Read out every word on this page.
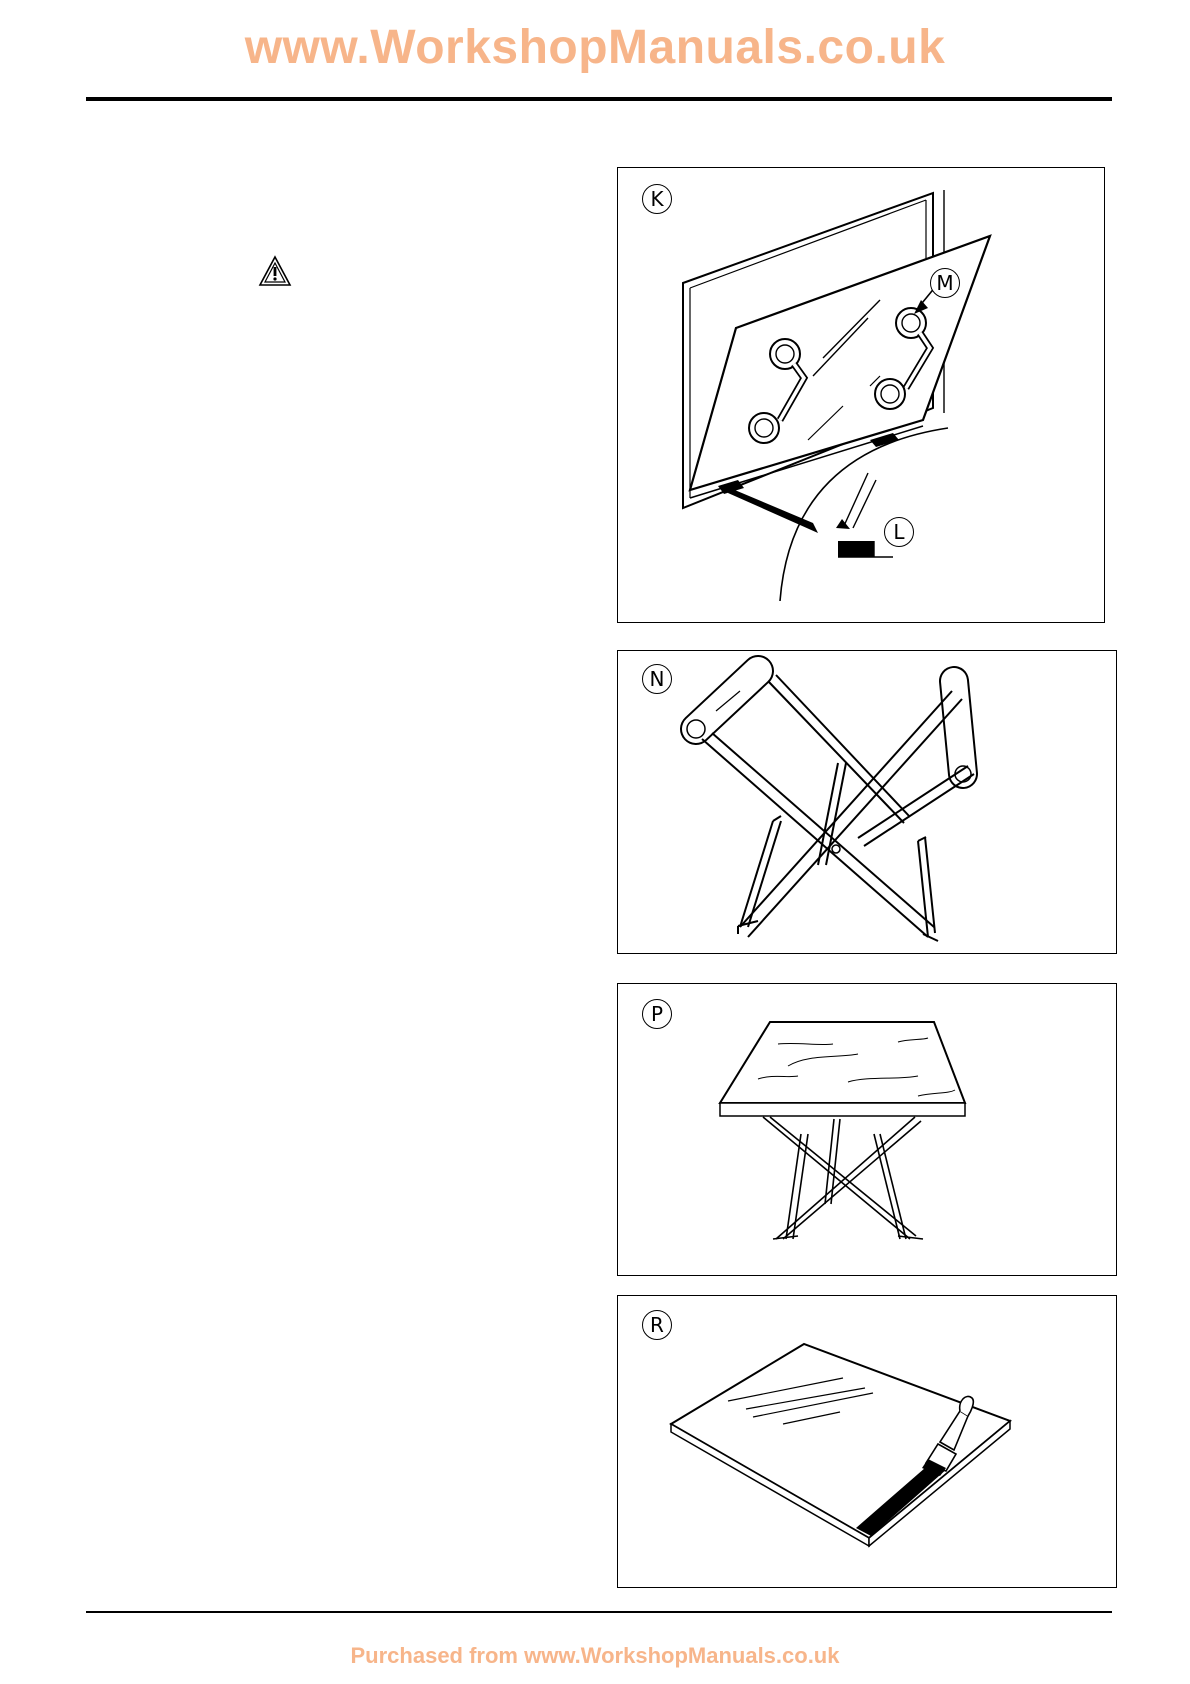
www.WorkshopManuals.co.uk
K
M
L
N
P
R
Purchased from www.WorkshopManuals.co.uk
